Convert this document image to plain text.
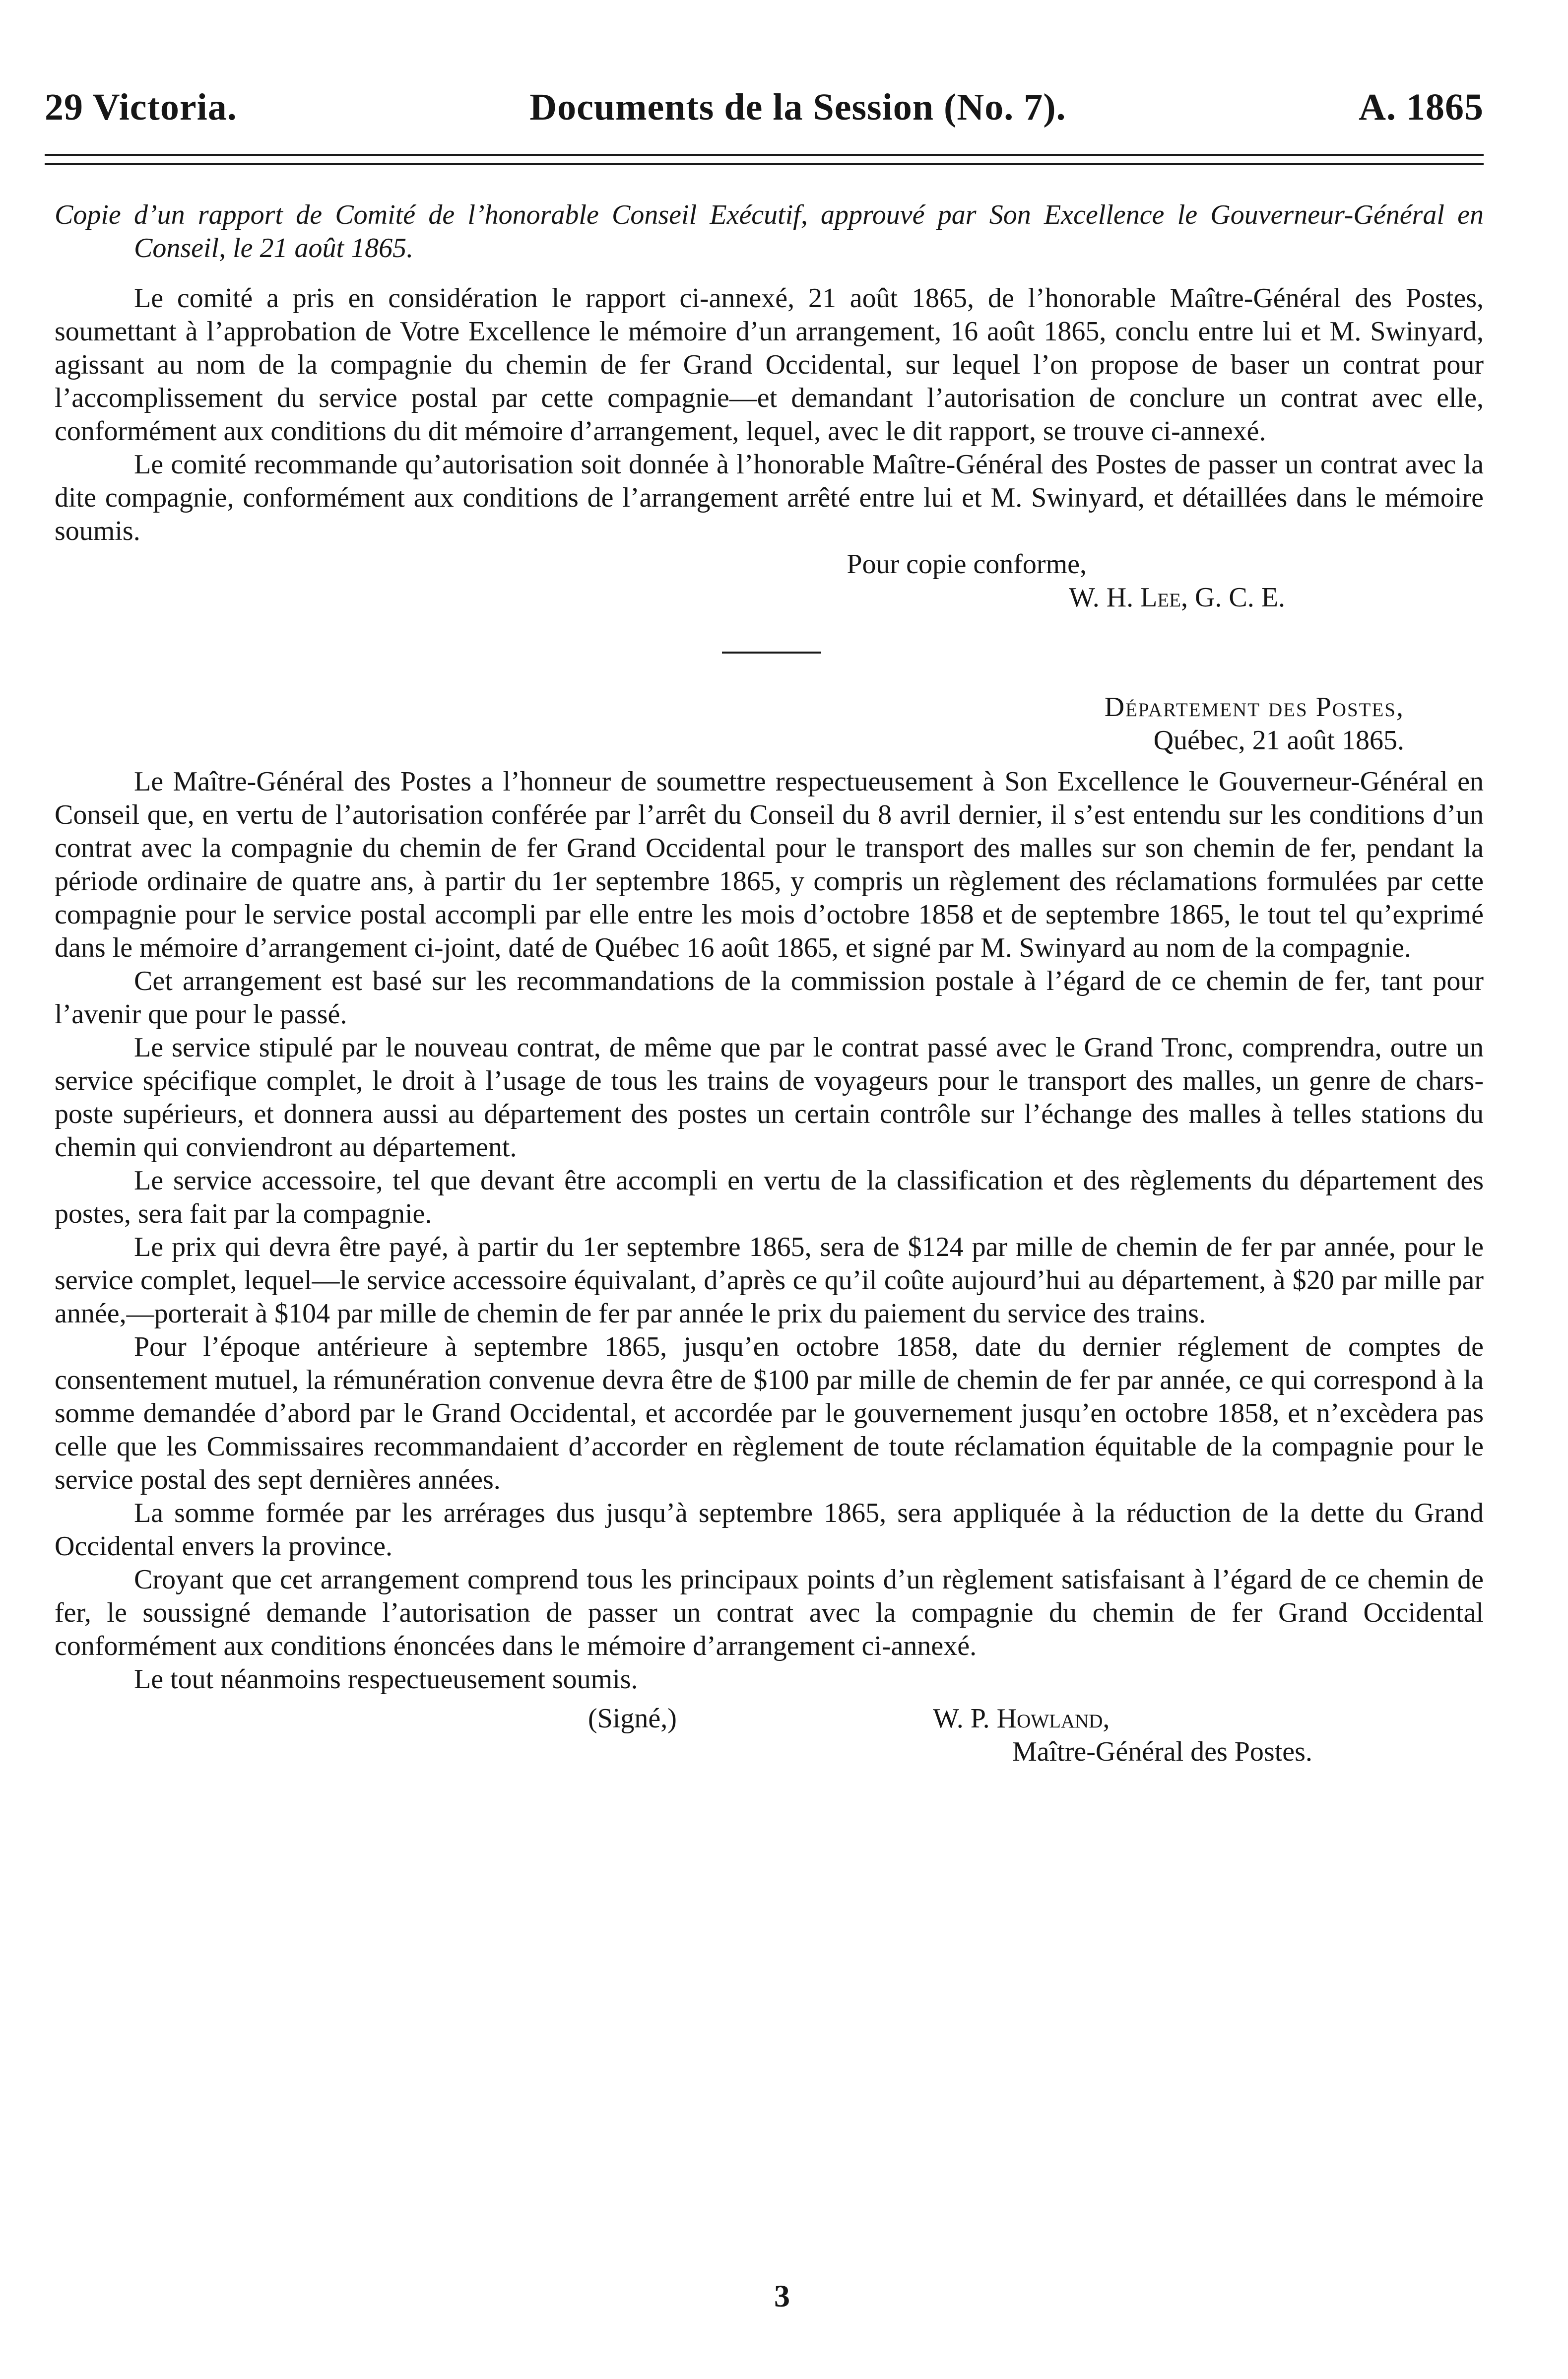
29 Victoria.	Documents de la Session (No. 7).	A. 1865

Copie d’un rapport de Comité de l’honorable Conseil Exécutif, approuvé par Son Excellence le Gouverneur-Général en Conseil, le 21 août 1865.

Le comité a pris en considération le rapport ci-annexé, 21 août 1865, de l’honorable Maître-Général des Postes, soumettant à l’approbation de Votre Excellence le mémoire d’un arrangement, 16 août 1865, conclu entre lui et M. Swinyard, agissant au nom de la compagnie du chemin de fer Grand Occidental, sur lequel l’on propose de baser un contrat pour l’accomplissement du service postal par cette compagnie—et demandant l’autorisation de conclure un contrat avec elle, conformément aux conditions du dit mémoire d’arrangement, lequel, avec le dit rapport, se trouve ci-annexé.

Le comité recommande qu’autorisation soit donnée à l’honorable Maître-Général des Postes de passer un contrat avec la dite compagnie, conformément aux conditions de l’arrangement arrêté entre lui et M. Swinyard, et détaillées dans le mémoire soumis.

Pour copie conforme,

W. H. Lee, G. C. E.

Département des Postes,

Québec, 21 août 1865.

Le Maître-Général des Postes a l’honneur de soumettre respectueusement à Son Excellence le Gouverneur-Général en Conseil que, en vertu de l’autorisation conférée par l’arrêt du Conseil du 8 avril dernier, il s’est entendu sur les conditions d’un contrat avec la compagnie du chemin de fer Grand Occidental pour le transport des malles sur son chemin de fer, pendant la période ordinaire de quatre ans, à partir du 1er septembre 1865, y compris un règlement des réclamations formulées par cette compagnie pour le service postal accompli par elle entre les mois d’octobre 1858 et de septembre 1865, le tout tel qu’exprimé dans le mémoire d’arrangement ci-joint, daté de Québec 16 août 1865, et signé par M. Swinyard au nom de la compagnie.

Cet arrangement est basé sur les recommandations de la commission postale à l’égard de ce chemin de fer, tant pour l’avenir que pour le passé.

Le service stipulé par le nouveau contrat, de même que par le contrat passé avec le Grand Tronc, comprendra, outre un service spécifique complet, le droit à l’usage de tous les trains de voyageurs pour le transport des malles, un genre de chars-poste supérieurs, et donnera aussi au département des postes un certain contrôle sur l’échange des malles à telles stations du chemin qui conviendront au département.

Le service accessoire, tel que devant être accompli en vertu de la classification et des règlements du département des postes, sera fait par la compagnie.

Le prix qui devra être payé, à partir du 1er septembre 1865, sera de $124 par mille de chemin de fer par année, pour le service complet, lequel—le service accessoire équivalant, d’après ce qu’il coûte aujourd’hui au département, à $20 par mille par année,—porterait à $104 par mille de chemin de fer par année le prix du paiement du service des trains.

Pour l’époque antérieure à septembre 1865, jusqu’en octobre 1858, date du dernier réglement de comptes de consentement mutuel, la rémunération convenue devra être de $100 par mille de chemin de fer par année, ce qui correspond à la somme demandée d’abord par le Grand Occidental, et accordée par le gouvernement jusqu’en octobre 1858, et n’excèdera pas celle que les Commissaires recommandaient d’accorder en règlement de toute réclamation équitable de la compagnie pour le service postal des sept dernières années.

La somme formée par les arrérages dus jusqu’à septembre 1865, sera appliquée à la réduction de la dette du Grand Occidental envers la province.

Croyant que cet arrangement comprend tous les principaux points d’un règlement satisfaisant à l’égard de ce chemin de fer, le soussigné demande l’autorisation de passer un contrat avec la compagnie du chemin de fer Grand Occidental conformément aux conditions énoncées dans le mémoire d’arrangement ci-annexé.

Le tout néanmoins respectueusement soumis.

(Signé,)	W. P. Howland,
Maître-Général des Postes.
3
